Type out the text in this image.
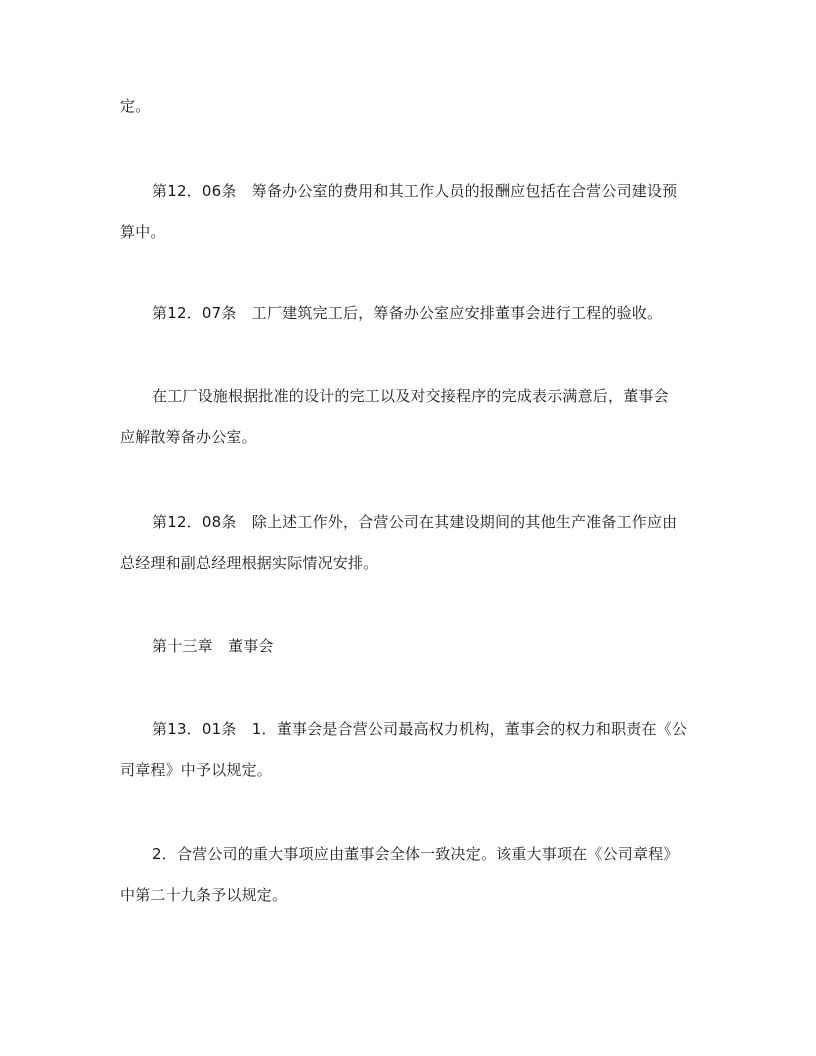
定。
第12．06条　筹备办公室的费用和其工作人员的报酬应包括在合营公司建设预
算中。
第12．07条　工厂建筑完工后，筹备办公室应安排董事会进行工程的验收。
在工厂设施根据批准的设计的完工以及对交接程序的完成表示满意后，董事会
应解散筹备办公室。
第12．08条　除上述工作外，合营公司在其建设期间的其他生产准备工作应由
总经理和副总经理根据实际情况安排。
第十三章　董事会
第13．01条　1．董事会是合营公司最高权力机构，董事会的权力和职责在《公
司章程》中予以规定。
2．合营公司的重大事项应由董事会全体一致决定。该重大事项在《公司章程》
中第二十九条予以规定。
